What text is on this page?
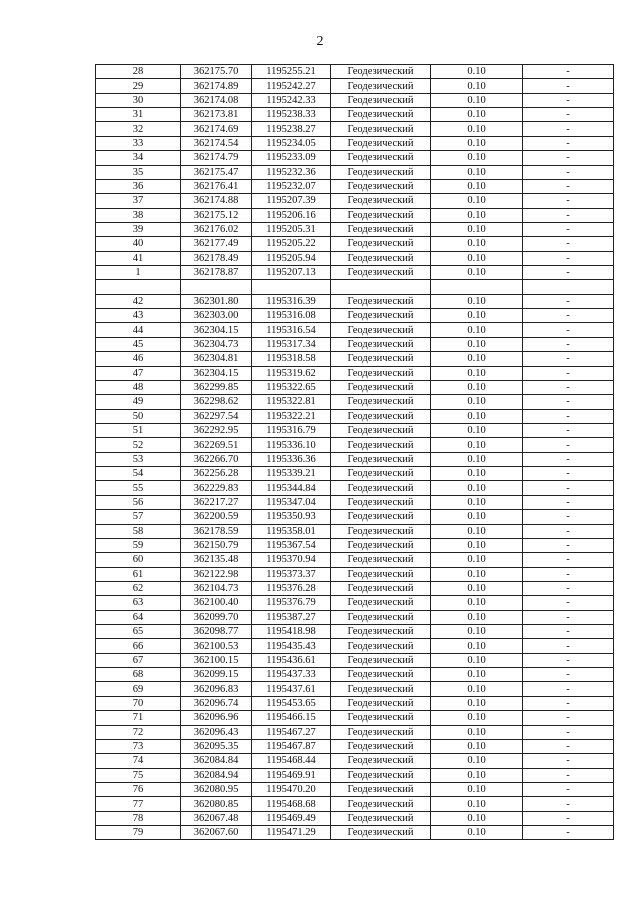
2
28	362175.70	1195255.21	Геодезический	0.10	-
29	362174.89	1195242.27	Геодезический	0.10	-
30	362174.08	1195242.33	Геодезический	0.10	-
31	362173.81	1195238.33	Геодезический	0.10	-
32	362174.69	1195238.27	Геодезический	0.10	-
33	362174.54	1195234.05	Геодезический	0.10	-
34	362174.79	1195233.09	Геодезический	0.10	-
35	362175.47	1195232.36	Геодезический	0.10	-
36	362176.41	1195232.07	Геодезический	0.10	-
37	362174.88	1195207.39	Геодезический	0.10	-
38	362175.12	1195206.16	Геодезический	0.10	-
39	362176.02	1195205.31	Геодезический	0.10	-
40	362177.49	1195205.22	Геодезический	0.10	-
41	362178.49	1195205.94	Геодезический	0.10	-
1	362178.87	1195207.13	Геодезический	0.10	-

42	362301.80	1195316.39	Геодезический	0.10	-
43	362303.00	1195316.08	Геодезический	0.10	-
44	362304.15	1195316.54	Геодезический	0.10	-
45	362304.73	1195317.34	Геодезический	0.10	-
46	362304.81	1195318.58	Геодезический	0.10	-
47	362304.15	1195319.62	Геодезический	0.10	-
48	362299.85	1195322.65	Геодезический	0.10	-
49	362298.62	1195322.81	Геодезический	0.10	-
50	362297.54	1195322.21	Геодезический	0.10	-
51	362292.95	1195316.79	Геодезический	0.10	-
52	362269.51	1195336.10	Геодезический	0.10	-
53	362266.70	1195336.36	Геодезический	0.10	-
54	362256.28	1195339.21	Геодезический	0.10	-
55	362229.83	1195344.84	Геодезический	0.10	-
56	362217.27	1195347.04	Геодезический	0.10	-
57	362200.59	1195350.93	Геодезический	0.10	-
58	362178.59	1195358.01	Геодезический	0.10	-
59	362150.79	1195367.54	Геодезический	0.10	-
60	362135.48	1195370.94	Геодезический	0.10	-
61	362122.98	1195373.37	Геодезический	0.10	-
62	362104.73	1195376.28	Геодезический	0.10	-
63	362100.40	1195376.79	Геодезический	0.10	-
64	362099.70	1195387.27	Геодезический	0.10	-
65	362098.77	1195418.98	Геодезический	0.10	-
66	362100.53	1195435.43	Геодезический	0.10	-
67	362100.15	1195436.61	Геодезический	0.10	-
68	362099.15	1195437.33	Геодезический	0.10	-
69	362096.83	1195437.61	Геодезический	0.10	-
70	362096.74	1195453.65	Геодезический	0.10	-
71	362096.96	1195466.15	Геодезический	0.10	-
72	362096.43	1195467.27	Геодезический	0.10	-
73	362095.35	1195467.87	Геодезический	0.10	-
74	362084.84	1195468.44	Геодезический	0.10	-
75	362084.94	1195469.91	Геодезический	0.10	-
76	362080.95	1195470.20	Геодезический	0.10	-
77	362080.85	1195468.68	Геодезический	0.10	-
78	362067.48	1195469.49	Геодезический	0.10	-
79	362067.60	1195471.29	Геодезический	0.10	-
